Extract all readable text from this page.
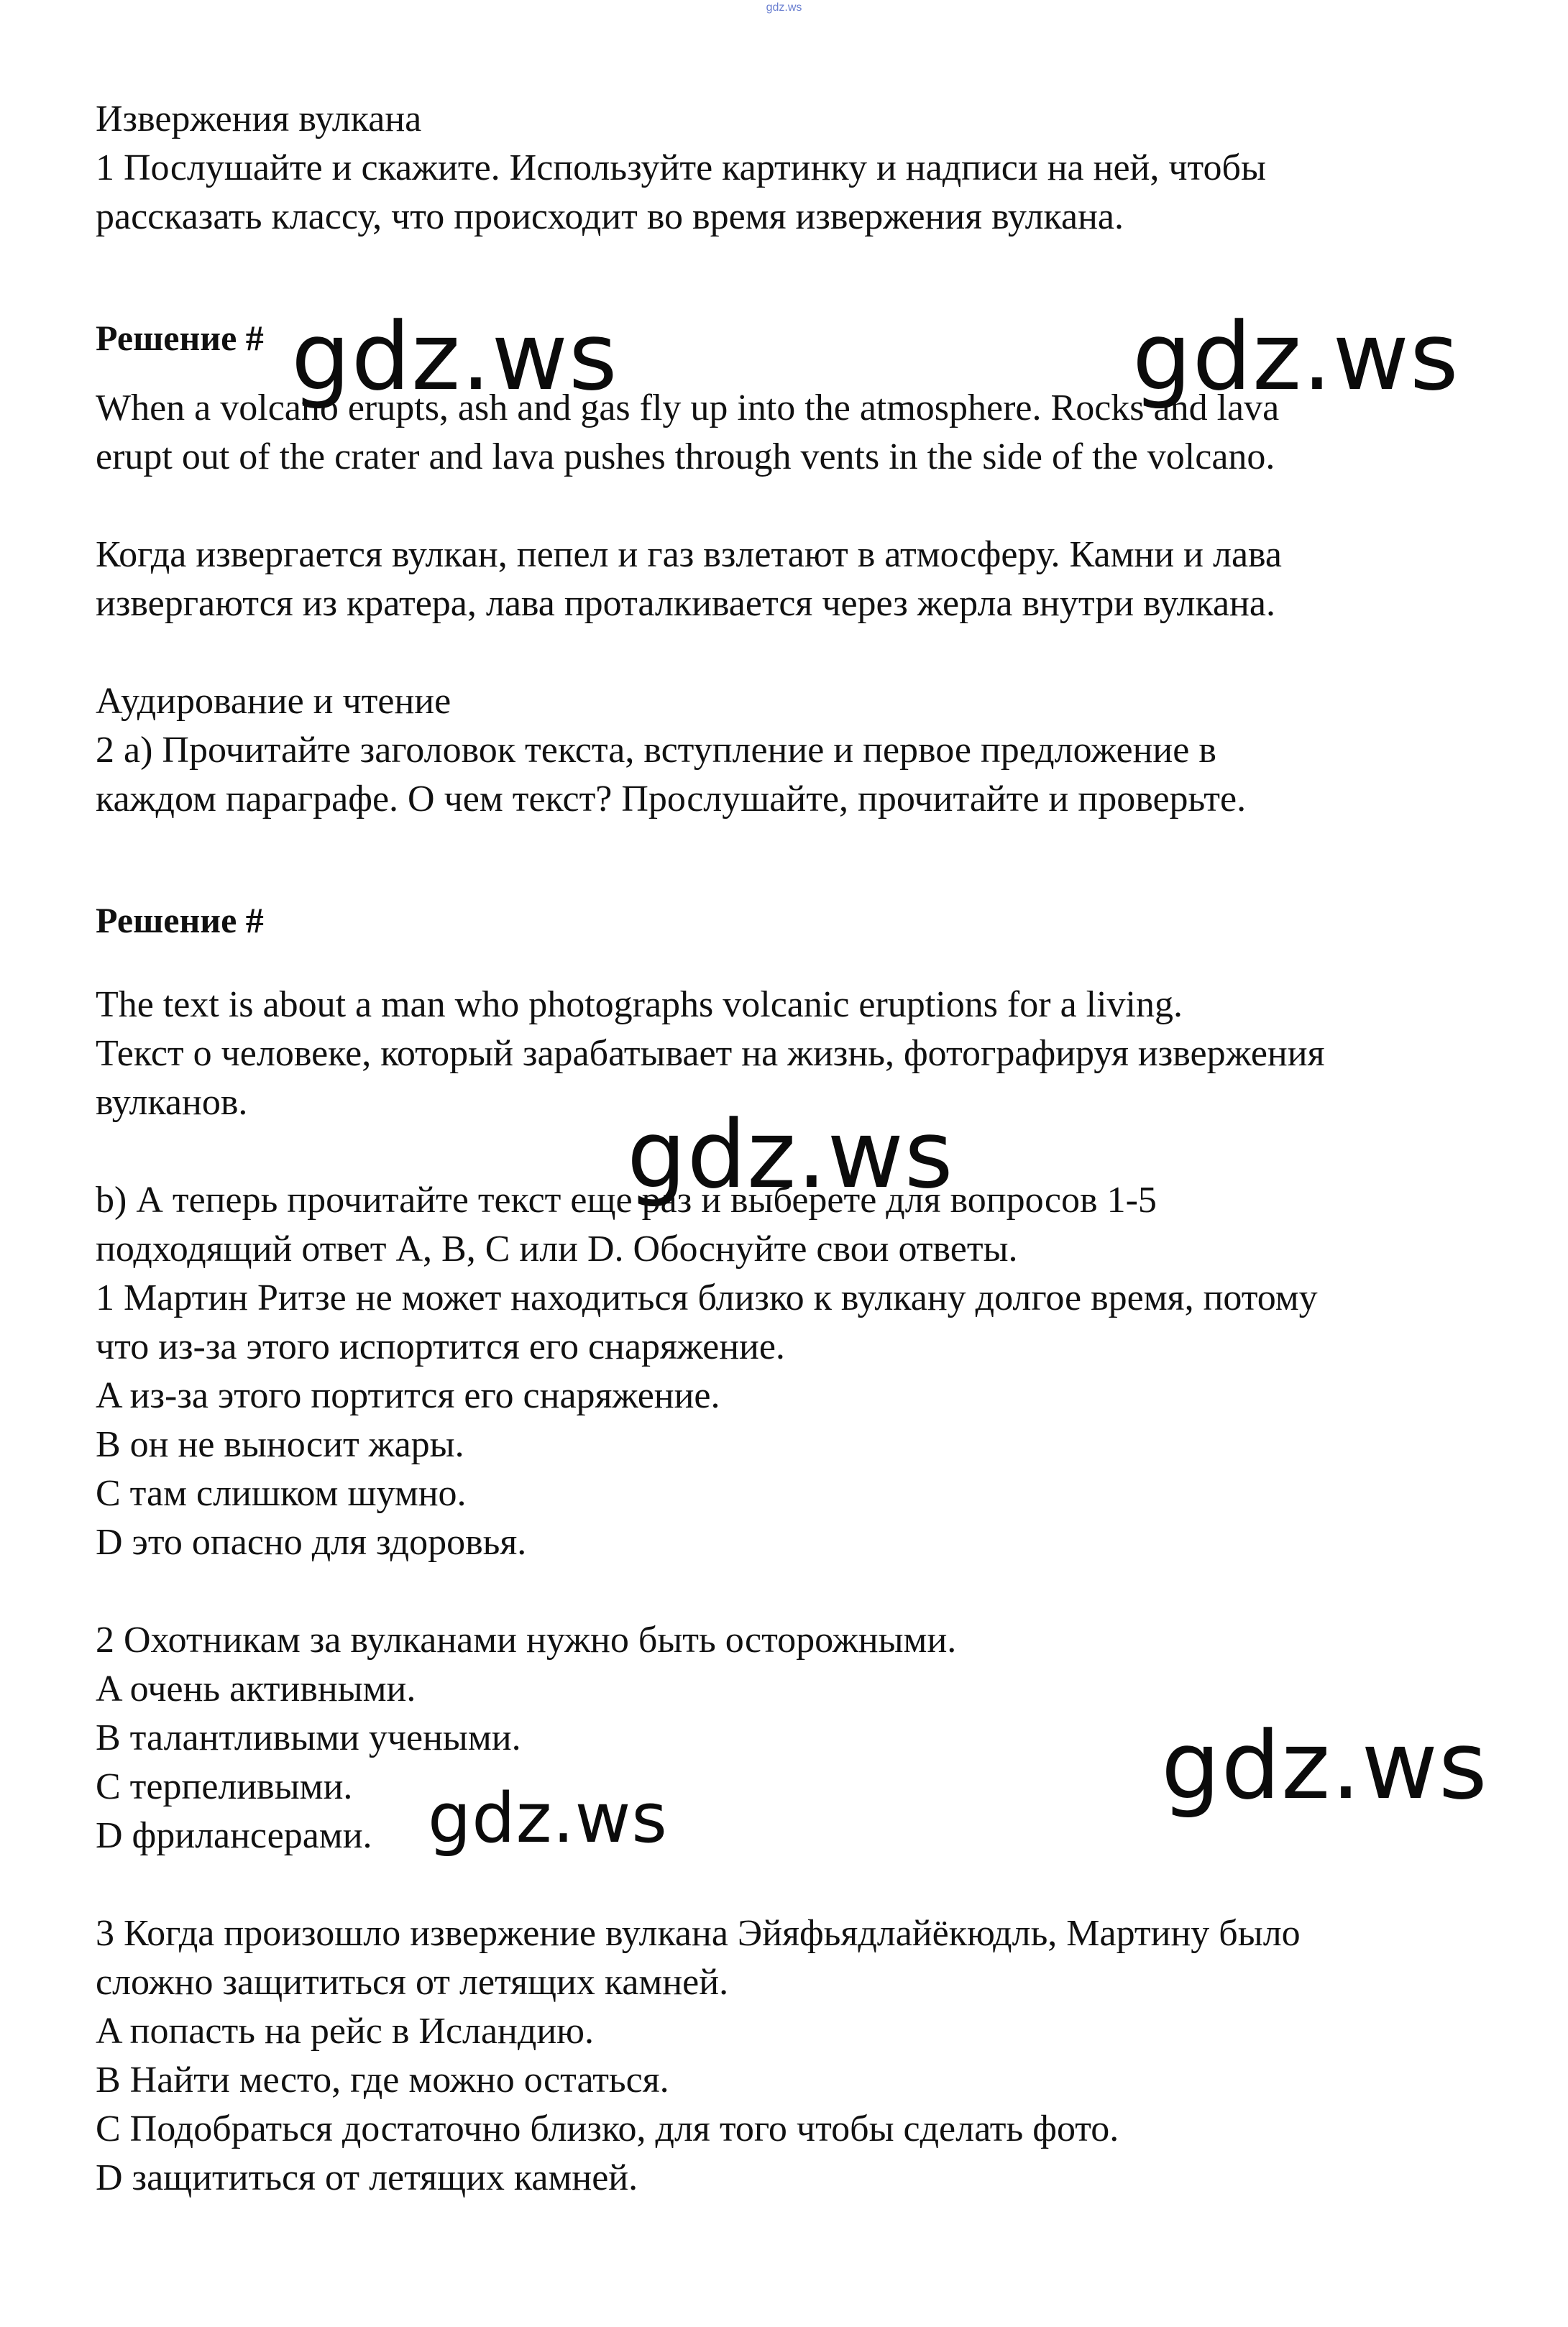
gdz.ws

Извержения вулкана

1 Послушайте и скажите. Используйте картинку и надписи на ней, чтобы

рассказать классу, что происходит во время извержения вулкана.

Решение #

When a volcano erupts, ash and gas fly up into the atmosphere. Rocks and lava

erupt out of the crater and lava pushes through vents in the side of the volcano.

Когда извергается вулкан, пепел и газ взлетают в атмосферу. Камни и лава

извергаются из кратера, лава проталкивается через жерла внутри вулкана.

Аудирование и чтение

2 a) Прочитайте заголовок текста, вступление и первое предложение в

каждом параграфе. О чем текст? Прослушайте, прочитайте и проверьте.

Решение #

The text is about a man who photographs volcanic eruptions for a living.

Текст о человеке, который зарабатывает на жизнь, фотографируя извержения

вулканов.

b) А теперь прочитайте текст еще раз и выберете для вопросов 1-5

подходящий ответ A, B, C или D. Обоснуйте свои ответы.

1 Мартин Ритзе не может находиться близко к вулкану долгое время, потому

что из-за этого испортится его снаряжение.

A из-за этого портится его снаряжение.

B он не выносит жары.

C там слишком шумно.

D это опасно для здоровья.

2 Охотникам за вулканами нужно быть осторожными.

A очень активными.

B талантливыми учеными.

C терпеливыми.

D фрилансерами.

3 Когда произошло извержение вулкана Эйяфьядлайёкюдль, Мартину было

сложно защититься от летящих камней.

A попасть на рейс в Исландию.

B Найти место, где можно остаться.

C Подобраться достаточно близко, для того чтобы сделать фото.

D защититься от летящих камней.

gdz.ws	gdz.ws
gdz.ws
gdz.ws
gdz.ws
